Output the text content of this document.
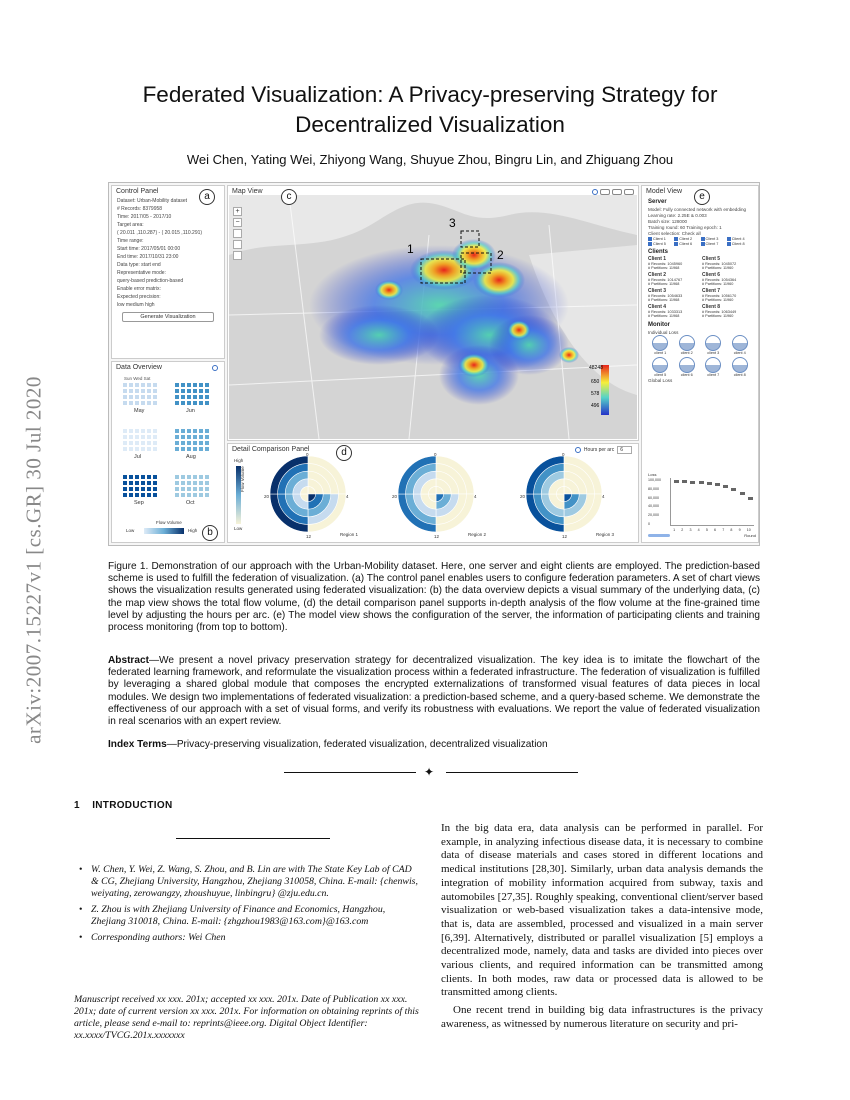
arXiv:2007.15227v1 [cs.GR] 30 Jul 2020
Federated Visualization: A Privacy-preserving Strategy for
Decentralized Visualization
Wei Chen, Yating Wei, Zhiyong Wang, Shuyue Zhou, Bingru Lin, and Zhiguang Zhou
Control Panel
Dataset: Urban-Mobility dataset
# Records: 8379958
Time: 2017/05 - 2017/10
Target area:
( 20.011 ,110.287) - ( 20.015 ,110.291)
Time range:
Start time: 2017/05/01 00:00
End time: 2017/10/31 23:00
Data type: start end
Representative mode:
query-based prediction-based
Enable error matrix:
Expected precision:
low medium high
Generate Visualization
a
Data Overview
Sun Wed Sat
May	Jun
Jul	Aug
Sep	Oct
Flow Volume
Low	High b
Map View
1	2
3
48248
650
578
496
+
−
c
Detail Comparison Panel	Hours per arc	6
High
Flow Volume
Low
Region 1
0
4
12
20
Region 2
0
4
12
20
Region 3
0
4
12
20
d
Model View
Server
Model: Fully connected network with embedding
Learning rate: 2.25E & 0.003
Batch size: 128000
Training round: 60 Training epoch: 1
Client selection: Check all
Client 1	Client 2	Client 3	Client 4
Client 5	Client 6	Client 7	Client 8
Clients
Client 1
# Records: 1045960
# Partitions: 11968
Client 5
# Records: 1045072
# Partitions: 11960
Client 2
# Records: 1014767
# Partitions: 11968
Client 6
# Records: 1054364
# Partitions: 11960
Client 3
# Records: 1054633
# Partitions: 11968
Client 7
# Records: 1056170
# Partitions: 11960
Client 4
# Records: 1033313
# Partitions: 11968
Client 8
# Records: 1063449
# Partitions: 11960
Monitor
Individual Loss
client 1	client 2	client 3	client 4
client 5	client 6	client 7	client 8
Global Loss
Loss
100,000
80,000
60,000
40,000
20,000
0
1 2 3 4 5 6 7 8 9 10
Round
e
Figure 1. Demonstration of our approach with the Urban-Mobility dataset. Here, one server and eight clients are employed. The prediction-based scheme is used to fulfill the federation of visualization. (a) The control panel enables users to configure federation parameters. A set of chart views shows the visualization results generated using federated visualization: (b) the data overview depicts a visual summary of the underlying data, (c) the map view shows the total flow volume, (d) the detail comparison panel supports in-depth analysis of the flow volume at the fine-grained time level by adjusting the hours per arc. (e) The model view shows the configuration of the server, the information of participating clients and training process monitoring (from top to bottom).
Abstract—We present a novel privacy preservation strategy for decentralized visualization. The key idea is to imitate the flowchart of the federated learning framework, and reformulate the visualization process within a federated infrastructure. The federation of visualization is fulfilled by leveraging a shared global module that composes the encrypted externalizations of transformed visual features of data pieces in local modules. We design two implementations of federated visualization: a prediction-based scheme, and a query-based scheme. We demonstrate the effectiveness of our approach with a set of visual forms, and verify its robustness with evaluations. We report the value of federated visualization in real scenarios with an expert review.
Index Terms—Privacy-preserving visualization, federated visualization, decentralized visualization
✦
1 INTRODUCTION
• W. Chen, Y. Wei, Z. Wang, S. Zhou, and B. Lin are with The State Key Lab of CAD & CG, Zhejiang University, Hangzhou, Zhejiang 310058, China. E-mail: {chenwis, weiyating, zerowangzy, zhoushuyue, linbingru} @zju.edu.cn.
• Z. Zhou is with Zhejiang University of Finance and Economics, Hangzhou, Zhejiang 310018, China. E-mail: {zhgzhou1983@163.com}@163.com
• Corresponding authors: Wei Chen
Manuscript received xx xxx. 201x; accepted xx xxx. 201x. Date of Publication xx xxx. 201x; date of current version xx xxx. 201x. For information on obtaining reprints of this article, please send e-mail to: reprints@ieee.org. Digital Object Identifier: xx.xxxx/TVCG.201x.xxxxxxx

In the big data era, data analysis can be performed in parallel. For example, in analyzing infectious disease data, it is necessary to combine data of disease materials and cases stored in different locations and medical institutions [28,30]. Similarly, urban data analysis demands the integration of mobility information acquired from subway, taxis and automobiles [27,35]. Roughly speaking, conventional client/server based visualization or web-based visualization takes a data-intensive mode, that is, data are assembled, processed and visualized in a main server [6,39]. Alternatively, distributed or parallel visualization [5] employs a decentralized mode, namely, data and tasks are divided into pieces over various clients, and required information can be transmitted among clients. In both modes, raw data or processed data is allowed to be transmitted among clients.

One recent trend in building big data infrastructures is the privacy awareness, as witnessed by numerous literature on security and pri-
